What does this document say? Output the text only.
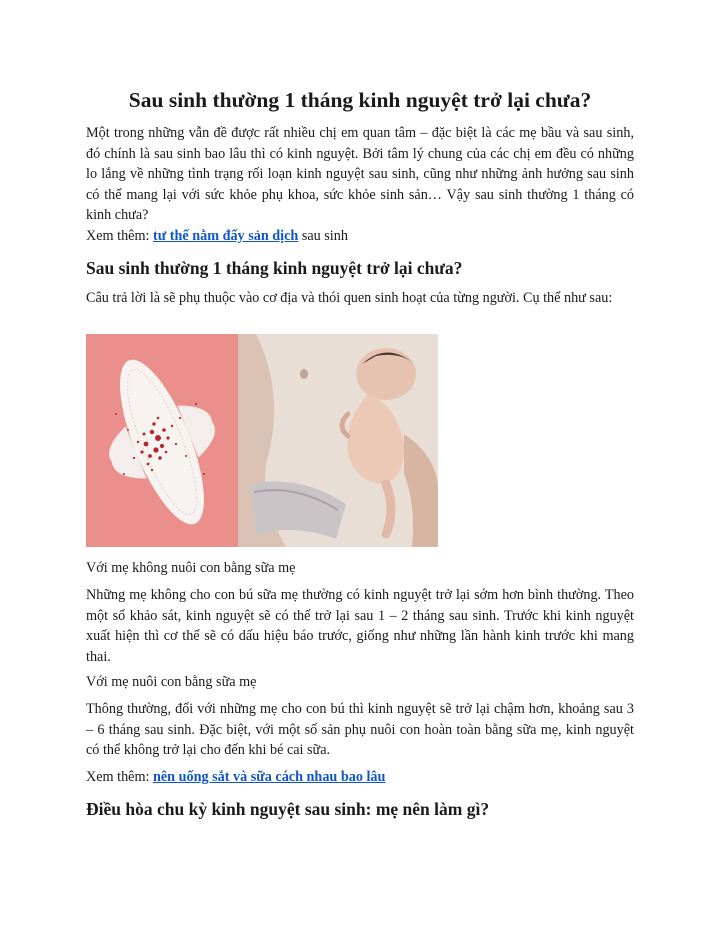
Sau sinh thường 1 tháng kinh nguyệt trở lại chưa?

Một trong những vẫn đề được rất nhiều chị em quan tâm – đặc biệt là các mẹ bầu và sau sinh, đó chính là sau sinh bao lâu thì có kinh nguyệt. Bởi tâm lý chung của các chị em đều có những lo lắng về những tình trạng rối loạn kinh nguyệt sau sinh, cũng như những ảnh hưởng sau sinh có thể mang lại với sức khỏe phụ khoa, sức khỏe sinh sản… Vậy sau sinh thường 1 tháng có kinh chưa?

Xem thêm: tư thế nằm đẩy sản dịch sau sinh

Sau sinh thường 1 tháng kinh nguyệt trở lại chưa?

Câu trả lời là sẽ phụ thuộc vào cơ địa và thói quen sinh hoạt của từng người. Cụ thể như sau:

Với mẹ không nuôi con bằng sữa mẹ

Những mẹ không cho con bú sữa mẹ thường có kinh nguyệt trở lại sớm hơn bình thường. Theo một số khảo sát, kinh nguyệt sẽ có thể trở lại sau 1 – 2 tháng sau sinh. Trước khi kinh nguyệt xuất hiện thì cơ thể sẽ có dấu hiệu báo trước, giống như những lần hành kinh trước khi mang thai.

Với mẹ nuôi con bằng sữa mẹ

Thông thường, đối với những mẹ cho con bú thì kinh nguyệt sẽ trở lại chậm hơn, khoảng sau 3 – 6 tháng sau sinh. Đặc biệt, với một số sản phụ nuôi con hoàn toàn bằng sữa mẹ, kinh nguyệt có thể không trở lại cho đến khi bé cai sữa.

Xem thêm: nên uống sắt và sữa cách nhau bao lâu

Điều hòa chu kỳ kinh nguyệt sau sinh: mẹ nên làm gì?
